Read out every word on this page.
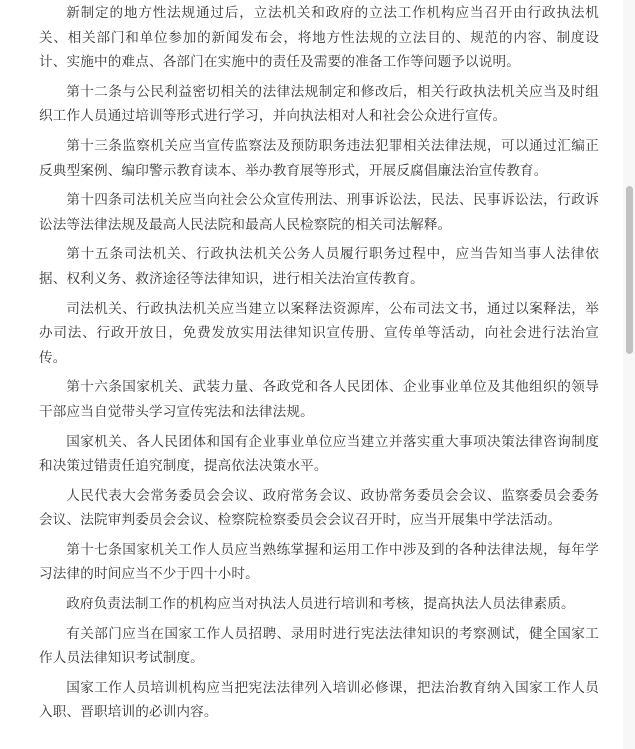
新制定的地方性法规通过后，立法机关和政府的立法工作机构应当召开由行政执法机关、相关部门和单位参加的新闻发布会，将地方性法规的立法目的、规范的内容、制度设计、实施中的难点、各部门在实施中的责任及需要的准备工作等问题予以说明。

第十二条与公民利益密切相关的法律法规制定和修改后，相关行政执法机关应当及时组织工作人员通过培训等形式进行学习，并向执法相对人和社会公众进行宣传。

第十三条监察机关应当宣传监察法及预防职务违法犯罪相关法律法规，可以通过汇编正反典型案例、编印警示教育读本、举办教育展等形式，开展反腐倡廉法治宣传教育。

第十四条司法机关应当向社会公众宣传刑法、刑事诉讼法，民法、民事诉讼法，行政诉讼法等法律法规及最高人民法院和最高人民检察院的相关司法解释。

第十五条司法机关、行政执法机关公务人员履行职务过程中，应当告知当事人法律依据、权利义务、救济途径等法律知识，进行相关法治宣传教育。

司法机关、行政执法机关应当建立以案释法资源库，公布司法文书，通过以案释法，举办司法、行政开放日，免费发放实用法律知识宣传册、宣传单等活动，向社会进行法治宣传。

第十六条国家机关、武装力量、各政党和各人民团体、企业事业单位及其他组织的领导干部应当自觉带头学习宣传宪法和法律法规。

国家机关、各人民团体和国有企业事业单位应当建立并落实重大事项决策法律咨询制度和决策过错责任追究制度，提高依法决策水平。

人民代表大会常务委员会会议、政府常务会议、政协常务委员会会议、监察委员会委务会议、法院审判委员会会议、检察院检察委员会会议召开时，应当开展集中学法活动。

第十七条国家机关工作人员应当熟练掌握和运用工作中涉及到的各种法律法规，每年学习法律的时间应当不少于四十小时。

政府负责法制工作的机构应当对执法人员进行培训和考核，提高执法人员法律素质。

有关部门应当在国家工作人员招聘、录用时进行宪法法律知识的考察测试，健全国家工作人员法律知识考试制度。

国家工作人员培训机构应当把宪法法律列入培训必修课，把法治教育纳入国家工作人员入职、晋职培训的必训内容。
